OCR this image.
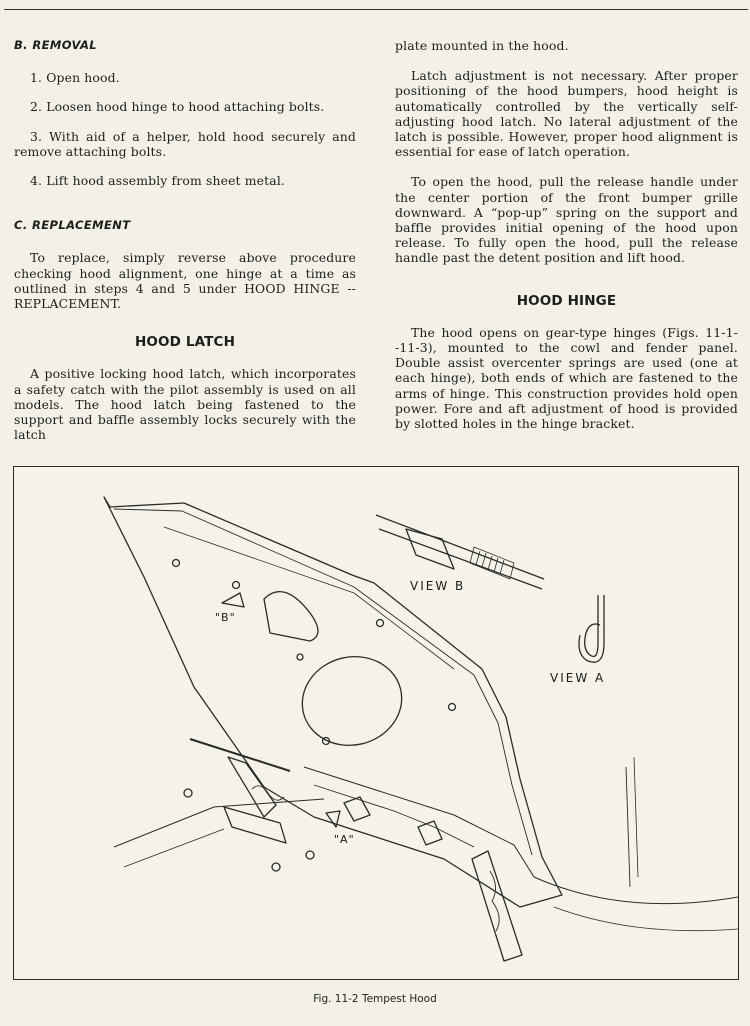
B. REMOVAL

1. Open hood.

2. Loosen hood hinge to hood attaching bolts.

3. With aid of a helper, hold hood securely and remove attaching bolts.

4. Lift hood assembly from sheet metal.

C. REPLACEMENT

To replace, simply reverse above procedure checking hood alignment, one hinge at a time as outlined in steps 4 and 5 under HOOD HINGE -- REPLACEMENT.

HOOD LATCH

A positive locking hood latch, which incorporates a safety catch with the pilot assembly is used on all models. The hood latch being fastened to the support and baffle assembly locks securely with the latch

plate mounted in the hood.

Latch adjustment is not necessary. After proper positioning of the hood bumpers, hood height is automatically controlled by the vertically self-adjusting hood latch. No lateral adjustment of the latch is possible. However, proper hood alignment is essential for ease of latch operation.

To open the hood, pull the release handle under the center portion of the front bumper grille downward. A “pop-up” spring on the support and baffle provides initial opening of the hood upon release. To fully open the hood, pull the release handle past the detent position and lift hood.

HOOD HINGE

The hood opens on gear-type hinges (Figs. 11-1--11-3), mounted to the cowl and fender panel. Double assist overcenter springs are used (one at each hinge), both ends of which are fastened to the arms of hinge. This construction provides hold open power. Fore and aft adjustment of hood is provided by slotted holes in the hinge bracket.

VIEW B
VIEW A
"B"
"A"
Fig. 11-2 Tempest Hood
